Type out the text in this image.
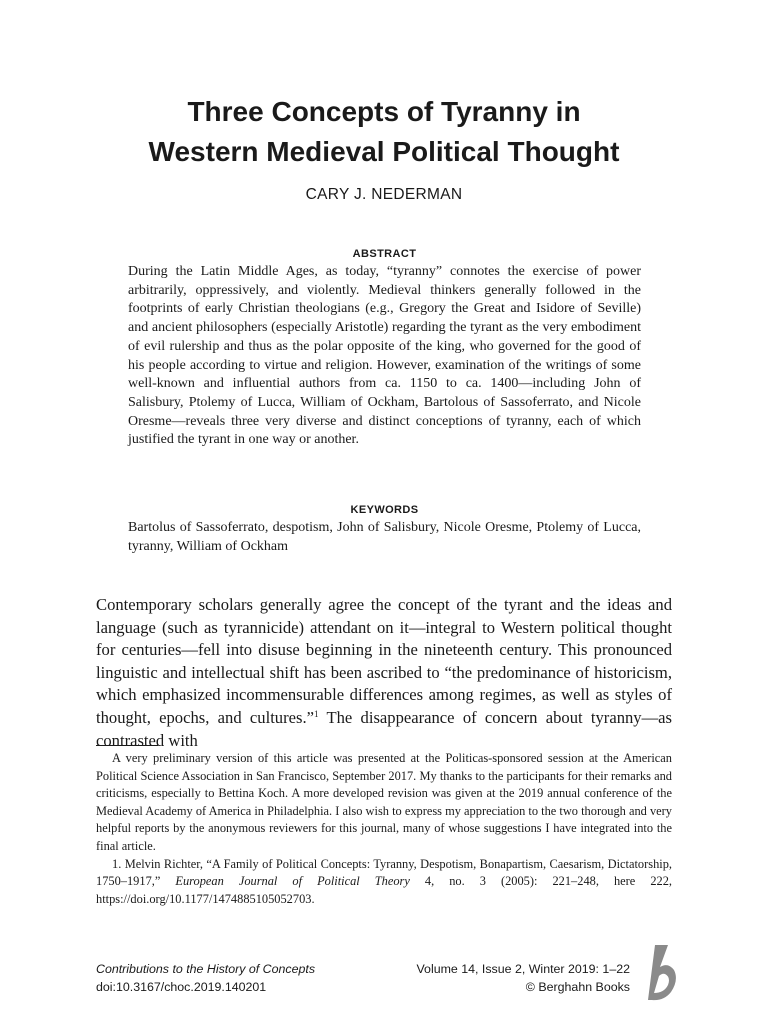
Three Concepts of Tyranny in
Western Medieval Political Thought
CARY J. NEDERMAN
ABSTRACT

During the Latin Middle Ages, as today, “tyranny” connotes the exercise of power arbitrarily, oppressively, and violently. Medieval thinkers generally followed in the footprints of early Christian theologians (e.g., Gregory the Great and Isidore of Seville) and ancient philosophers (especially Aristotle) regarding the tyrant as the very embodiment of evil rulership and thus as the polar opposite of the king, who governed for the good of his people according to virtue and religion. However, examination of the writings of some well-known and influential authors from ca. 1150 to ca. 1400—including John of Salisbury, Ptolemy of Lucca, William of Ockham, Bartolous of Sassoferrato, and Nicole Oresme—reveals three very diverse and distinct conceptions of tyranny, each of which justified the tyrant in one way or another.

KEYWORDS

Bartolus of Sassoferrato, despotism, John of Salisbury, Nicole Oresme, Ptolemy of Lucca, tyranny, William of Ockham

Contemporary scholars generally agree the concept of the tyrant and the ideas and language (such as tyrannicide) attendant on it—integral to Western political thought for centuries—fell into disuse beginning in the nineteenth century. This pronounced linguistic and intellectual shift has been ascribed to “the predominance of historicism, which emphasized incommensurable differences among regimes, as well as styles of thought, epochs, and cultures.”$^1$ The disappearance of concern about tyranny—as contrasted with

A very preliminary version of this article was presented at the Politicas-sponsored session at the American Political Science Association in San Francisco, September 2017. My thanks to the participants for their remarks and criticisms, especially to Bettina Koch. A more developed revision was given at the 2019 annual conference of the Medieval Academy of America in Philadelphia. I also wish to express my appreciation to the two thorough and very helpful reports by the anonymous reviewers for this journal, many of whose suggestions I have integrated into the final article.

1. Melvin Richter, “A Family of Political Concepts: Tyranny, Despotism, Bonapartism, Caesarism, Dictatorship, 1750–1917,” European Journal of Political Theory 4, no. 3 (2005): 221–248, here 222, https://doi.org/10.1177/1474885105052703.

Contributions to the History of Concepts
doi:10.3167/choc.2019.140201
Volume 14, Issue 2, Winter 2019: 1–22
© Berghahn Books
